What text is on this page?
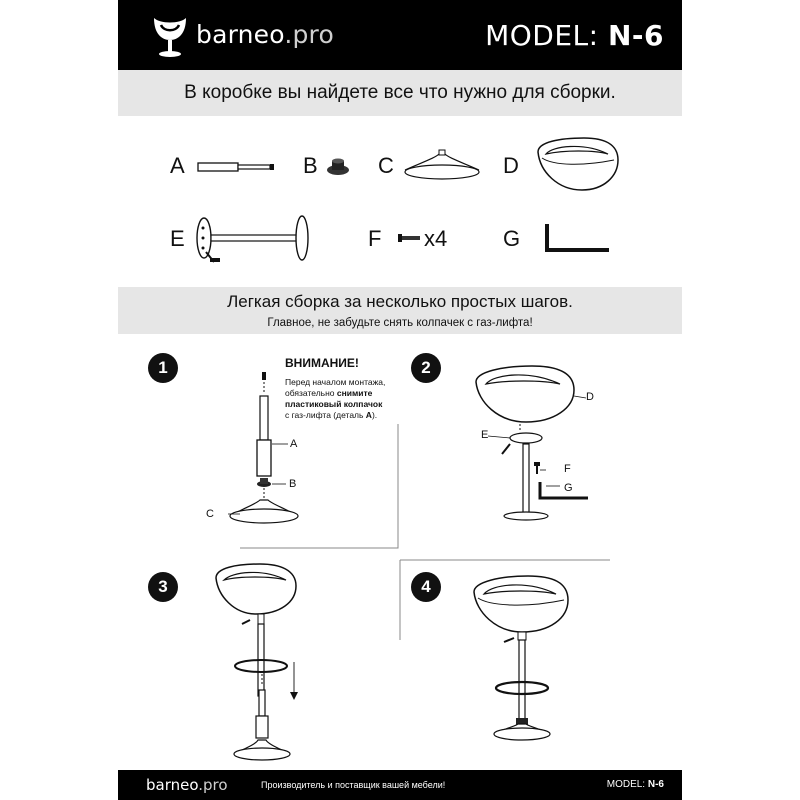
barneo.pro	MODEL: N-6
В коробке вы найдете все что нужно для сборки.
A	B	C	D
E	F x4	G
Легкая сборка за несколько простых шагов.
Главное, не забудьте снять колпачек с газ-лифта!
1	ВНИМАНИЕ!
Перед началом монтажа,
обязательно снимите
пластиковый колпачок
с газ-лифта (деталь A).
A
B
C
2
D
E
F
G
3	4
barneo.pro	Производитель и поставщик вашей мебели!	MODEL: N-6
